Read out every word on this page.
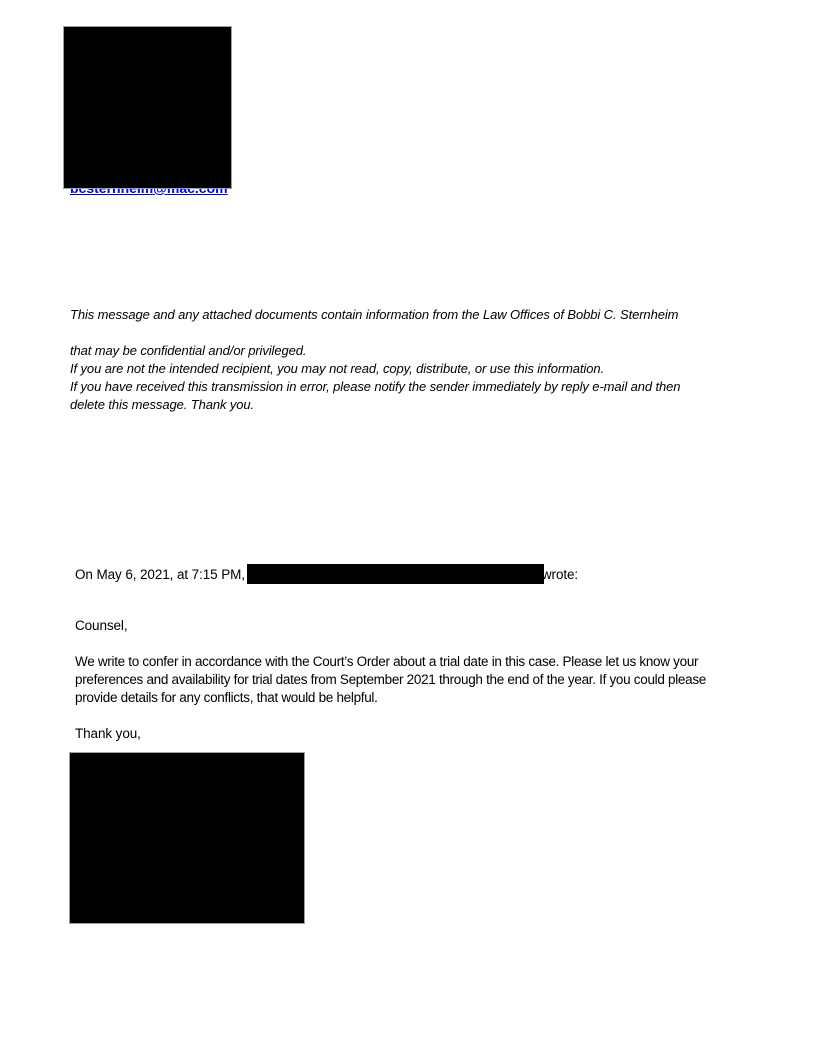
This message and any attached documents contain information from the Law Offices of Bobbi C. Sternheim

that may be confidential and/or privileged.
If you are not the intended recipient, you may not read, copy, distribute, or use this information.
If you have received this transmission in error, please notify the sender immediately by reply e-mail and then
delete this message. Thank you.
On May 6, 2021, at 7:15 PM,	wrote:
Counsel,
We write to confer in accordance with the Court’s Order about a trial date in this case. Please let us know your
preferences and availability for trial dates from September 2021 through the end of the year. If you could please
provide details for any conflicts, that would be helpful.
Thank you,
